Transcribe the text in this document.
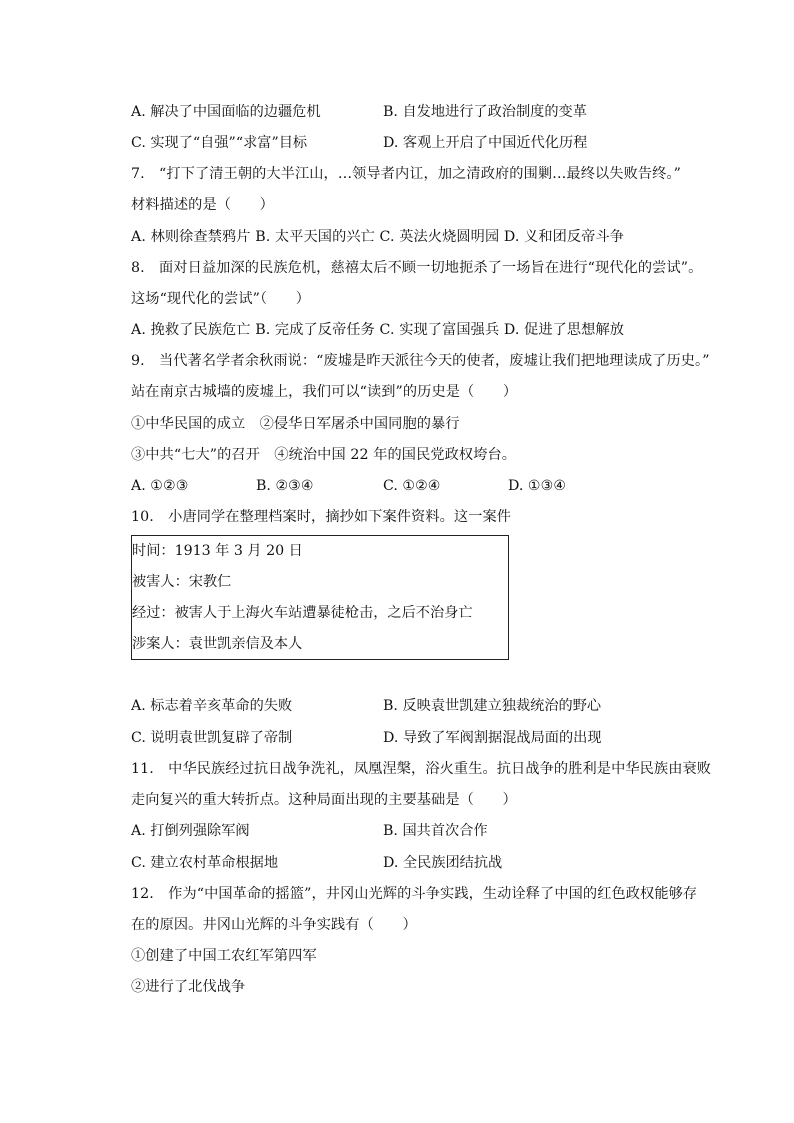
A. 解决了中国面临的边疆危机	B. 自发地进行了政治制度的变革
C. 实现了“自强”“求富”目标	D. 客观上开启了中国近代化历程
7.　“打下了清王朝的大半江山，…领导者内讧，加之清政府的围剿…最终以失败告终。”
材料描述的是（　　）
A. 林则徐查禁鸦片 B. 太平天国的兴亡 C. 英法火烧圆明园 D. 义和团反帝斗争
8.　面对日益加深的民族危机，慈禧太后不顾一切地扼杀了一场旨在进行“现代化的尝试”。
这场“现代化的尝试”（　　）
A. 挽救了民族危亡 B. 完成了反帝任务 C. 实现了富国强兵 D. 促进了思想解放
9.　当代著名学者余秋雨说：“废墟是昨天派往今天的使者，废墟让我们把地理读成了历史。”
站在南京古城墙的废墟上，我们可以“读到”的历史是（　　）
①中华民国的成立　②侵华日军屠杀中国同胞的暴行
③中共“七大”的召开　④统治中国 22 年的国民党政权垮台。
A. ①②③	B. ②③④	C. ①②④	D. ①③④
10.　小唐同学在整理档案时，摘抄如下案件资料。这一案件
时间：1913 年 3 月 20 日
被害人：宋教仁
经过：被害人于上海火车站遭暴徒枪击，之后不治身亡
涉案人：袁世凯亲信及本人
A. 标志着辛亥革命的失败	B. 反映袁世凯建立独裁统治的野心
C. 说明袁世凯复辟了帝制	D. 导致了军阀割据混战局面的出现
11.　中华民族经过抗日战争洗礼，凤凰涅槃，浴火重生。抗日战争的胜利是中华民族由衰败
走向复兴的重大转折点。这种局面出现的主要基础是（　　）
A. 打倒列强除军阀	B. 国共首次合作
C. 建立农村革命根据地	D. 全民族团结抗战
12.　作为“中国革命的摇篮”，井冈山光辉的斗争实践，生动诠释了中国的红色政权能够存
在的原因。井冈山光辉的斗争实践有（　　）
①创建了中国工农红军第四军
②进行了北伐战争
